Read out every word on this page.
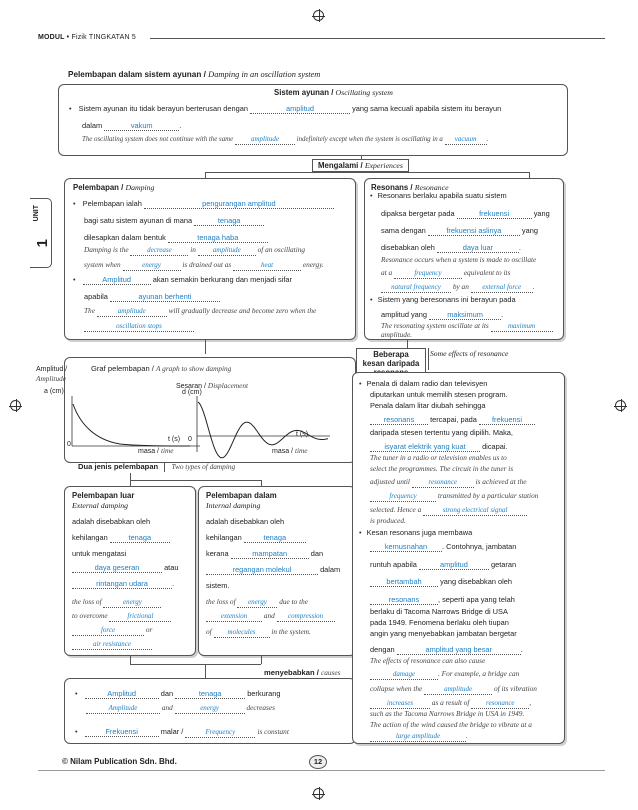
MODUL • Fizik TINGKATAN 5
UNIT
1
Pelembapan dalam sistem ayunan / Damping in an oscillation system
Sistem ayunan / Oscillating system
• Sistem ayunan itu tidak berayun berterusan dengan	amplitud	yang sama kecuali apabila sistem itu berayun
dalam	vakum	.
The oscillating system does not continue with the same	amplitude	indefinitely except when the system is oscillating in a vacuum .
Mengalami / Experiences
Pelembapan / Damping
• Pelembapan ialah	pengurangan amplitud
bagi satu sistem ayunan di mana	tenaga
dilesapkan dalam bentuk	tenaga haba
Damping is the	decrease	in amplitude of an oscillating
system when	energy	is drained out as	heat	energy.
• Amplitud	akan semakin berkurang dan menjadi sifar
apabila	ayunan berhenti
The	amplitude	will gradually decrease and become zero when the
oscillation stops
Resonans / Resonance
• Resonans berlaku apabila suatu sistem
dipaksa bergetar pada	frekuensi	yang
sama dengan	frekuensi aslinya	yang
disebabkan oleh	daya luar	.
Resonance occurs when a system is made to oscillate
at a	frequency	equivalent to its
natural frequency by an external force .
• Sistem yang beresonans ini berayun pada
amplitud yang	maksimum .
The resonating system oscillate at its	maximum
amplitude.
Graf pelembapan / A graph to show damping
Amplitud /
Amplitude
a (cm)
Sesaran / Displacement
d (cm)
0
0
t (s)
t (s)
masa / time	masa / time
Dua jenis pelembapan Two types of damping
Pelembapan luar
External damping
adalah disebabkan oleh
kehilangan	tenaga
untuk mengatasi
daya geseran	atau
rintangan udara	.
the loss of	energy
to overcome	frictional
force	or
air resistance
Pelembapan dalam
Internal damping
adalah disebabkan oleh
kehilangan	tenaga
kerana	mampatan	dan
regangan molekul	dalam
sistem.
the loss of energy due to the
extension and compression
of molecules in the system.
menyebabkan / causes
• Amplitud	dan	tenaga	berkurang
Amplitude	and	energy	decreases
• Frekuensi	malar /	Frequency	is constant
Beberapa kesan daripada
Some effects of resonance
• Penala di dalam radio dan televisyen
diputarkan untuk memilih stesen program.
Penala dalam litar diubah sehingga
resonans tercapai, pada frekuensi
daripada stesen tertentu yang dipilih. Maka,
isyarat elektrik yang kuat dicapai.
The tuner in a radio or television enables us to
select the programmes. The circuit in the tuner is
adjusted until	resonance	is achieved at the
frequency	transmitted by a particular station
selected. Hence a	strong electrical signal
is produced.
• Kesan resonans juga membawa
kemusnahan . Contohnya, jambatan
runtuh apabila	amplitud	getaran
bertambah yang disebabkan oleh
resonans	, seperti apa yang telah
berlaku di Tacoma Narrows Bridge di USA
pada 1949. Fenomena berlaku oleh tiupan
angin yang menyebabkan jambatan bergetar
dengan	amplitud yang besar	.
The effects of resonance can also cause
damage	. For example, a bridge can
collapse when the	amplitude	of its vibration
increases	as a result of resonance ,
such as the Tacoma Narrows Bridge in USA in 1949.
The action of the wind caused the bridge to vibrate at a
large amplitude	.
© Nilam Publication Sdn. Bhd.	12
